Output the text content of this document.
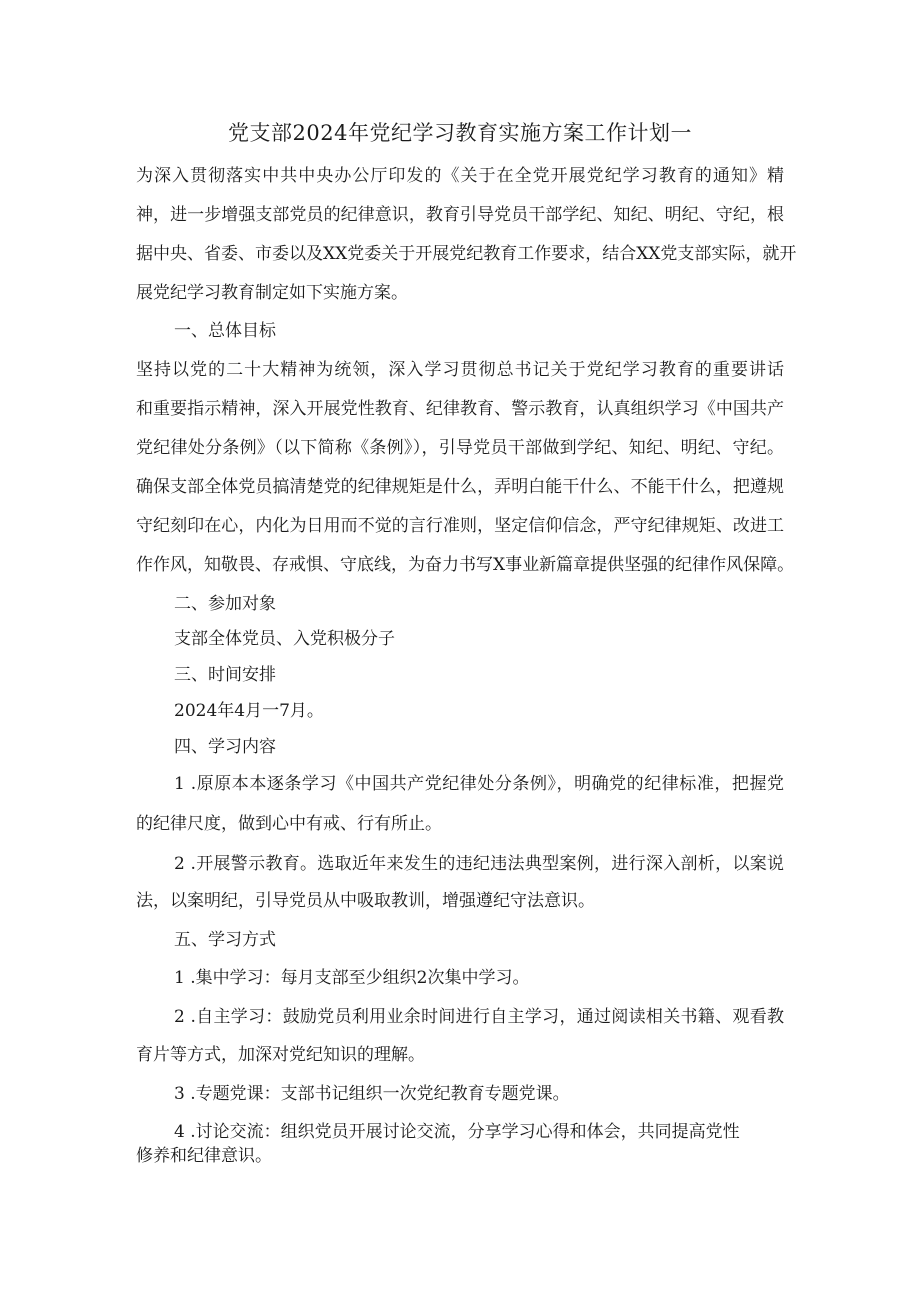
党支部2024年党纪学习教育实施方案工作计划一
为深入贯彻落实中共中央办公厅印发的《关于在全党开展党纪学习教育的通知》精
神，进一步增强支部党员的纪律意识，教育引导党员干部学纪、知纪、明纪、守纪，根
据中央、省委、市委以及XX党委关于开展党纪教育工作要求，结合XX党支部实际，就开
展党纪学习教育制定如下实施方案。
一、总体目标
坚持以党的二十大精神为统领，深入学习贯彻总书记关于党纪学习教育的重要讲话
和重要指示精神，深入开展党性教育、纪律教育、警示教育，认真组织学习《中国共产
党纪律处分条例》（以下简称《条例》），引导党员干部做到学纪、知纪、明纪、守纪。
确保支部全体党员搞清楚党的纪律规矩是什么，弄明白能干什么、不能干什么，把遵规
守纪刻印在心，内化为日用而不觉的言行准则，坚定信仰信念，严守纪律规矩、改进工
作作风，知敬畏、存戒惧、守底线，为奋力书写X事业新篇章提供坚强的纪律作风保障。
二、参加对象
支部全体党员、入党积极分子
三、时间安排
2024年4月一7月。
四、学习内容
1 .原原本本逐条学习《中国共产党纪律处分条例》，明确党的纪律标准，把握党
的纪律尺度，做到心中有戒、行有所止。
2 .开展警示教育。选取近年来发生的违纪违法典型案例，进行深入剖析，以案说
法，以案明纪，引导党员从中吸取教训，增强遵纪守法意识。
五、学习方式
1 .集中学习：每月支部至少组织2次集中学习。
2 .自主学习：鼓励党员利用业余时间进行自主学习，通过阅读相关书籍、观看教
育片等方式，加深对党纪知识的理解。
3 .专题党课：支部书记组织一次党纪教育专题党课。
4 .讨论交流：组织党员开展讨论交流，分享学习心得和体会，共同提高党性
修养和纪律意识。
